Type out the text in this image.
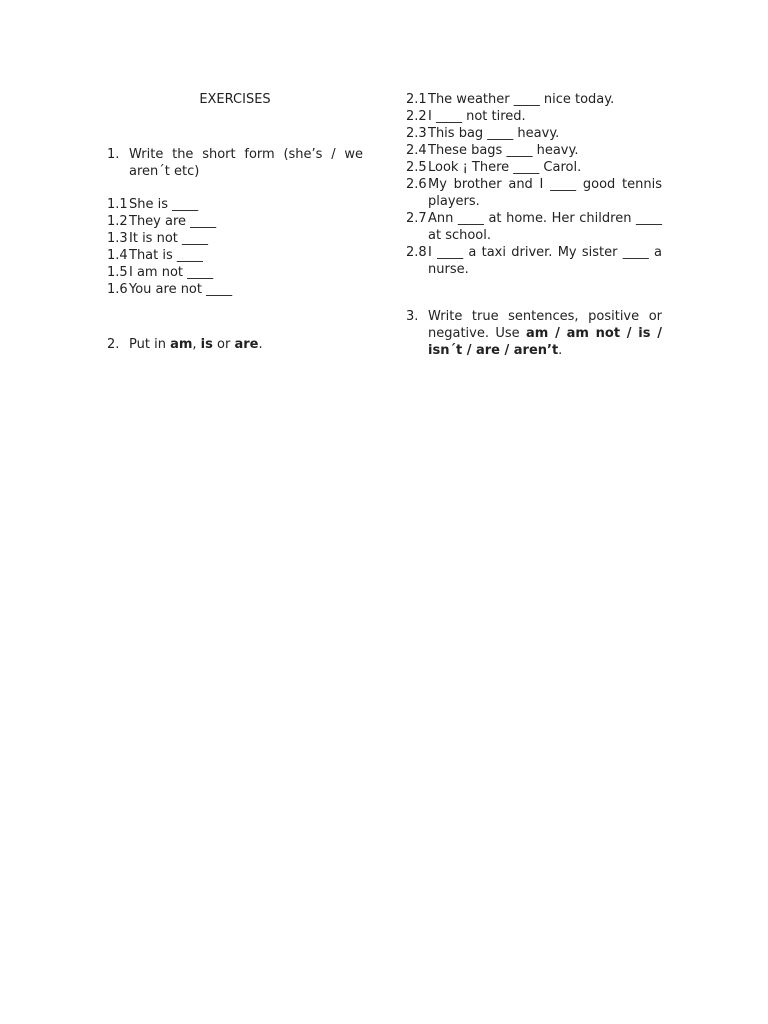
EXERCISES
1. Write the short form (she’s / we aren´t etc)
1.1 She is ____
1.2 They are ____
1.3 It is not ____
1.4 That is ____
1.5 I am not ____
1.6 You are not ____
2. Put in am, is or are.
2.1 The weather ____ nice today.
2.2 I ____ not tired.
2.3 This bag ____ heavy.
2.4 These bags ____ heavy.
2.5 Look ¡ There ____ Carol.
2.6 My brother and I ____ good tennis players.
2.7 Ann ____ at home. Her children ____ at school.
2.8 I ____ a taxi driver. My sister ____ a nurse.
3. Write true sentences, positive or negative. Use am / am not / is / isn´t / are / aren’t.
